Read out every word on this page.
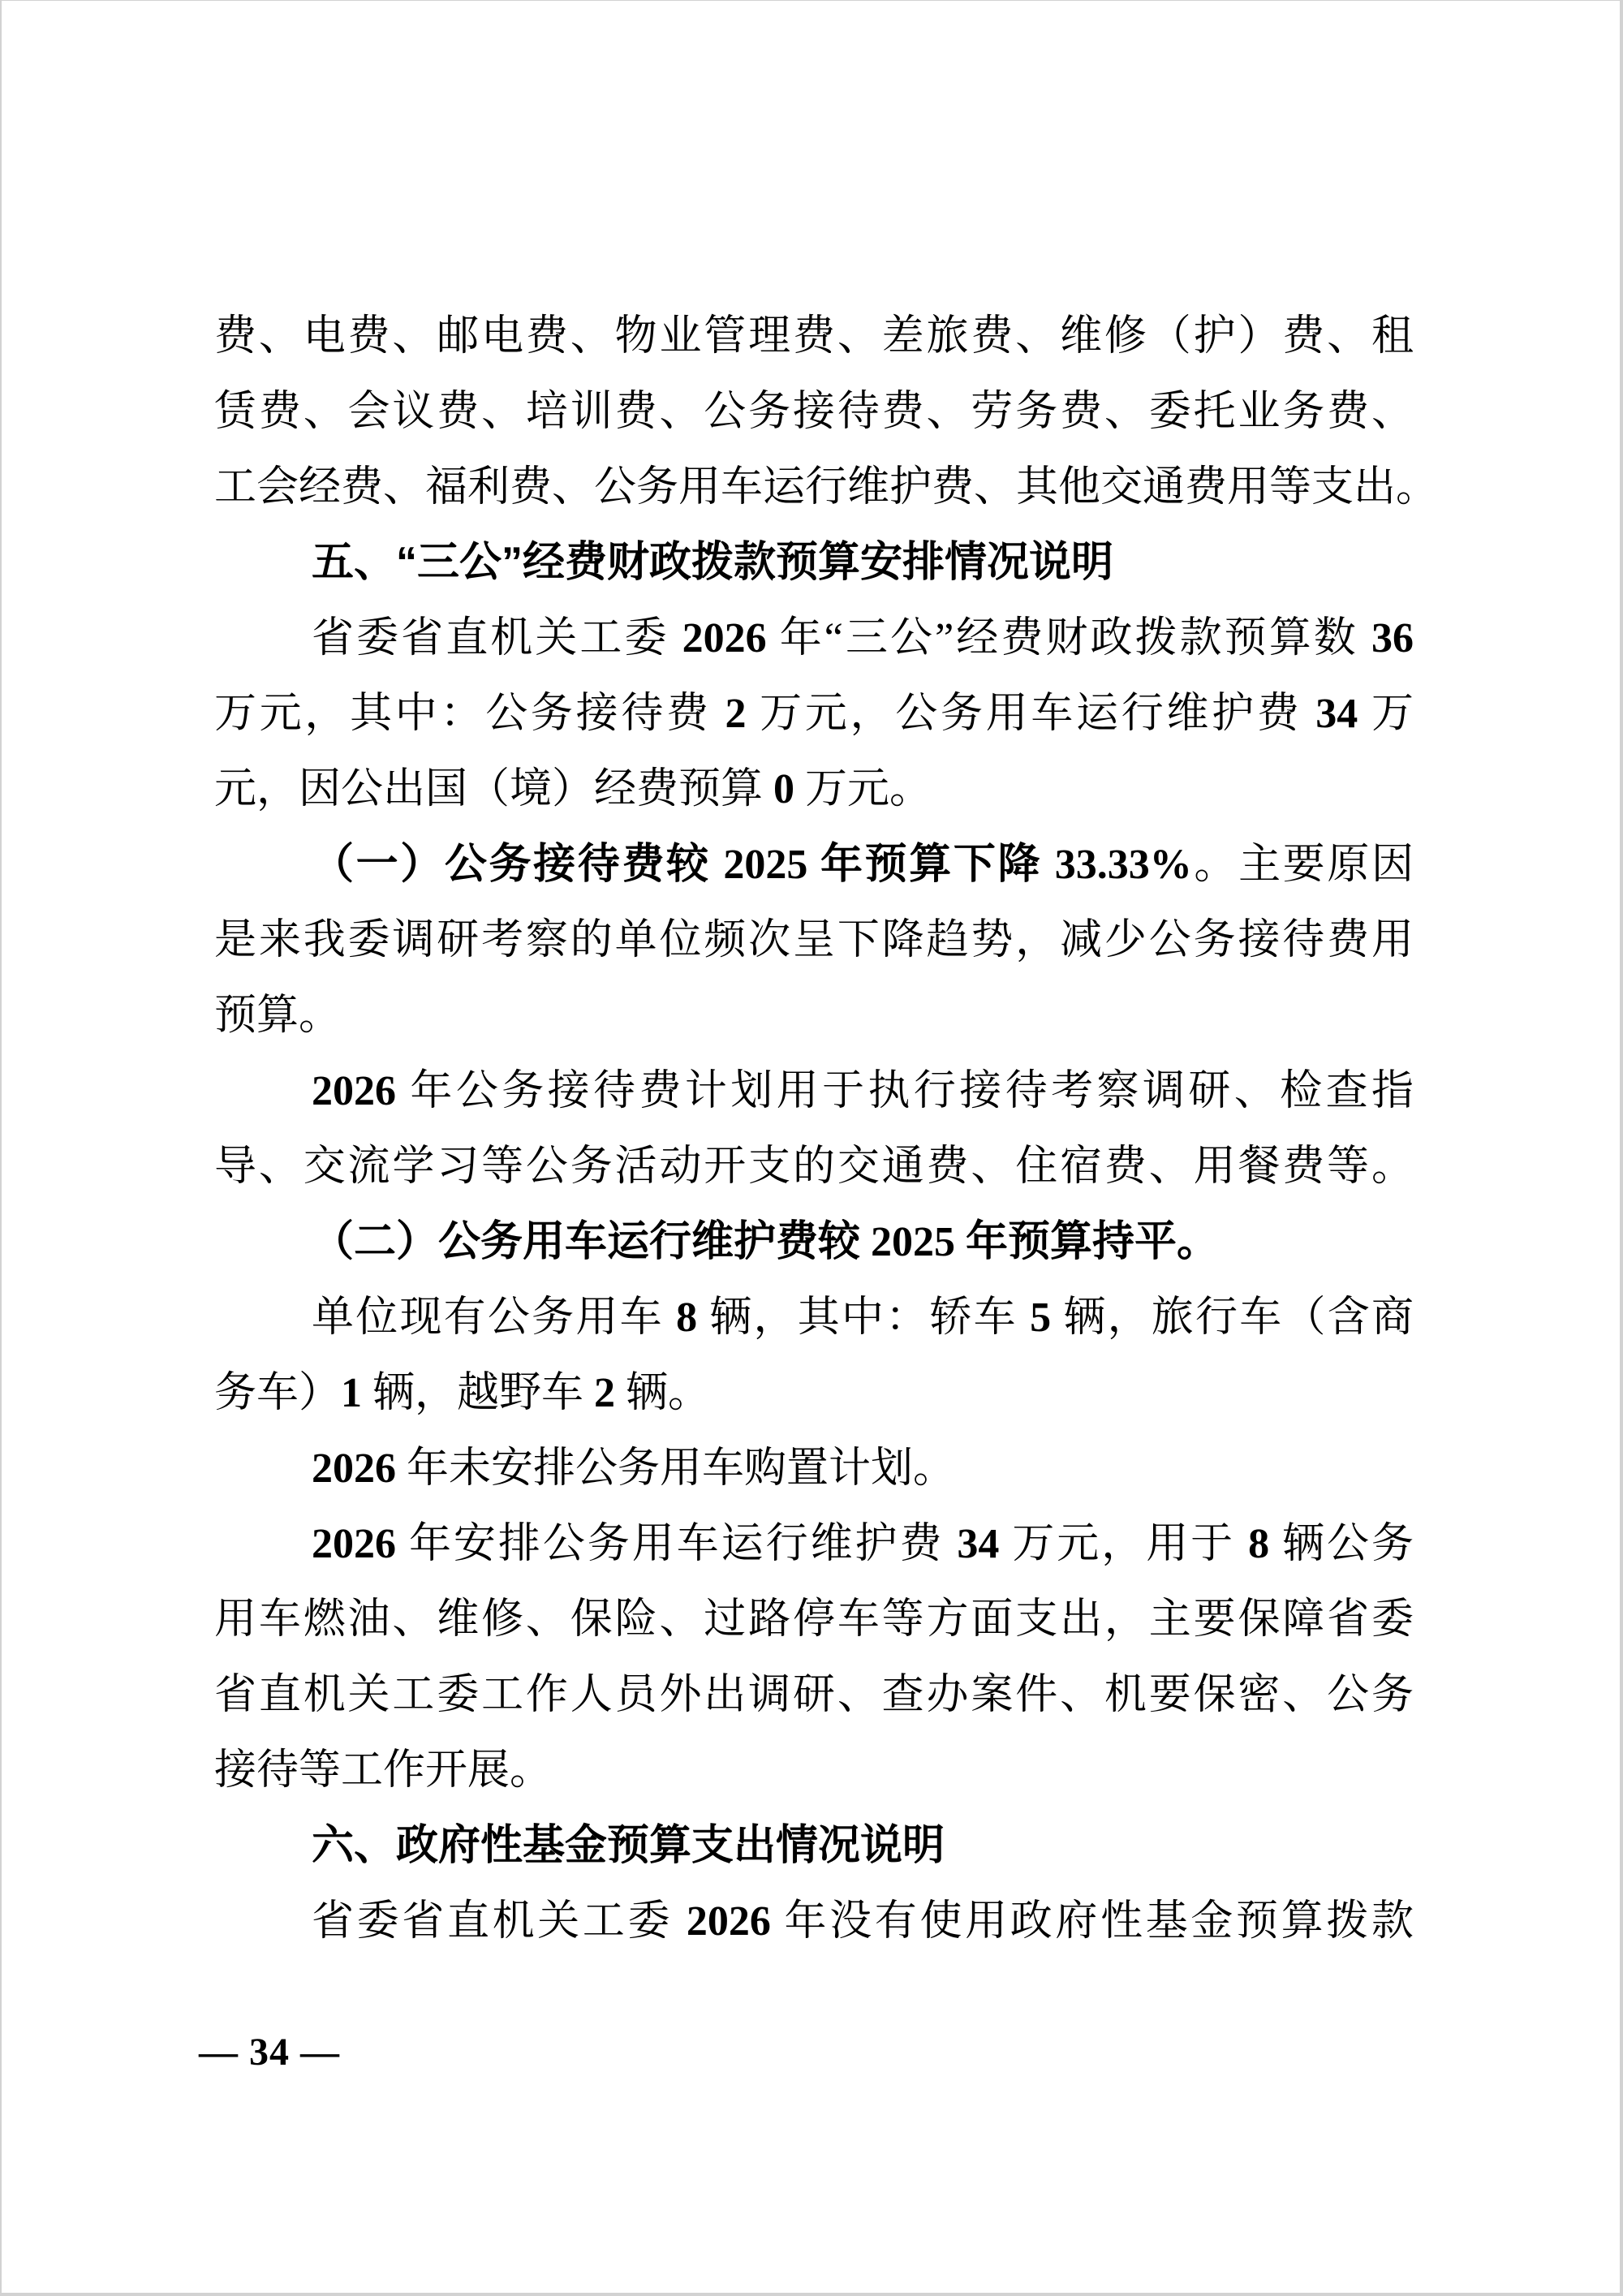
费、电费、邮电费、物业管理费、差旅费、维修（护）费、租
赁费、会议费、培训费、公务接待费、劳务费、委托业务费、
工会经费、福利费、公务用车运行维护费、其他交通费用等支出。
五、“三公”经费财政拨款预算安排情况说明
省委省直机关工委 2026 年“三公”经费财政拨款预算数 36
万元，其中：公务接待费 2 万元，公务用车运行维护费 34 万
元，因公出国（境）经费预算 0 万元。
（一）公务接待费较 2025 年预算下降 33.33%。主要原因
是来我委调研考察的单位频次呈下降趋势，减少公务接待费用
预算。
2026 年公务接待费计划用于执行接待考察调研、检查指
导、交流学习等公务活动开支的交通费、住宿费、用餐费等。
（二）公务用车运行维护费较 2025 年预算持平。
单位现有公务用车 8 辆，其中：轿车 5 辆，旅行车（含商
务车）1 辆，越野车 2 辆。
2026 年未安排公务用车购置计划。
2026 年安排公务用车运行维护费 34 万元，用于 8 辆公务
用车燃油、维修、保险、过路停车等方面支出，主要保障省委
省直机关工委工作人员外出调研、查办案件、机要保密、公务
接待等工作开展。
六、政府性基金预算支出情况说明
省委省直机关工委 2026 年没有使用政府性基金预算拨款
— 34 —
